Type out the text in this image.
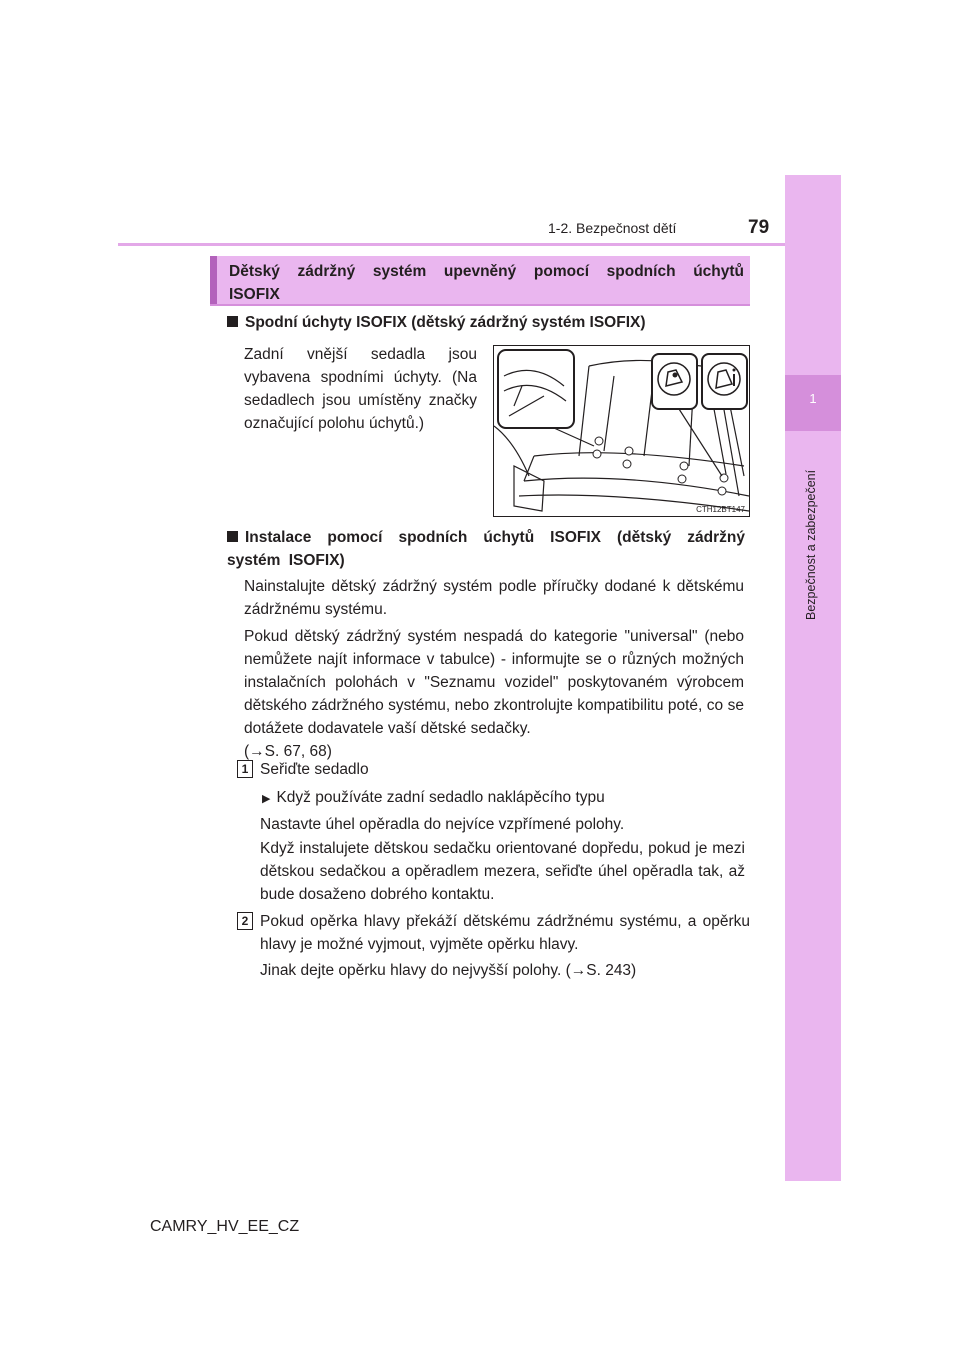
79
1-2. Bezpečnost dětí
1
Bezpečnost a zabezpečení
Dětský zádržný systém upevněný pomocí spodních úchytů ISOFIX
Spodní úchyty ISOFIX (dětský zádržný systém ISOFIX)
Zadní vnější sedadla jsou vybavena spodními úchyty. (Na sedadlech jsou umístěny značky označující polohu úchytů.)
CTH12BT147
Instalace pomocí spodních úchytů ISOFIX (dětský zádržný systém ISOFIX)
Nainstalujte dětský zádržný systém podle příručky dodané k dětskému zádržnému systému.
Pokud dětský zádržný systém nespadá do kategorie "universal" (nebo nemůžete najít informace v tabulce) - informujte se o různých možných instalačních polohách v "Seznamu vozidel" poskytovaném výrobcem dětského zádržného systému, nebo zkontrolujte kompatibilitu poté, co se dotážete dodavatele vaší dětské sedačky.
(→S. 67, 68)
1 Seřiďte sedadlo
▶ Když používáte zadní sedadlo naklápěcího typu
Nastavte úhel opěradla do nejvíce vzpřímené polohy.
Když instalujete dětskou sedačku orientované dopředu, pokud je mezi dětskou sedačkou a opěradlem mezera, seřiďte úhel opěradla tak, až bude dosaženo dobrého kontaktu.
2 Pokud opěrka hlavy překáží dětskému zádržnému systému, a opěrku hlavy je možné vyjmout, vyjměte opěrku hlavy.
Jinak dejte opěrku hlavy do nejvyšší polohy. (→S. 243)
CAMRY_HV_EE_CZ
